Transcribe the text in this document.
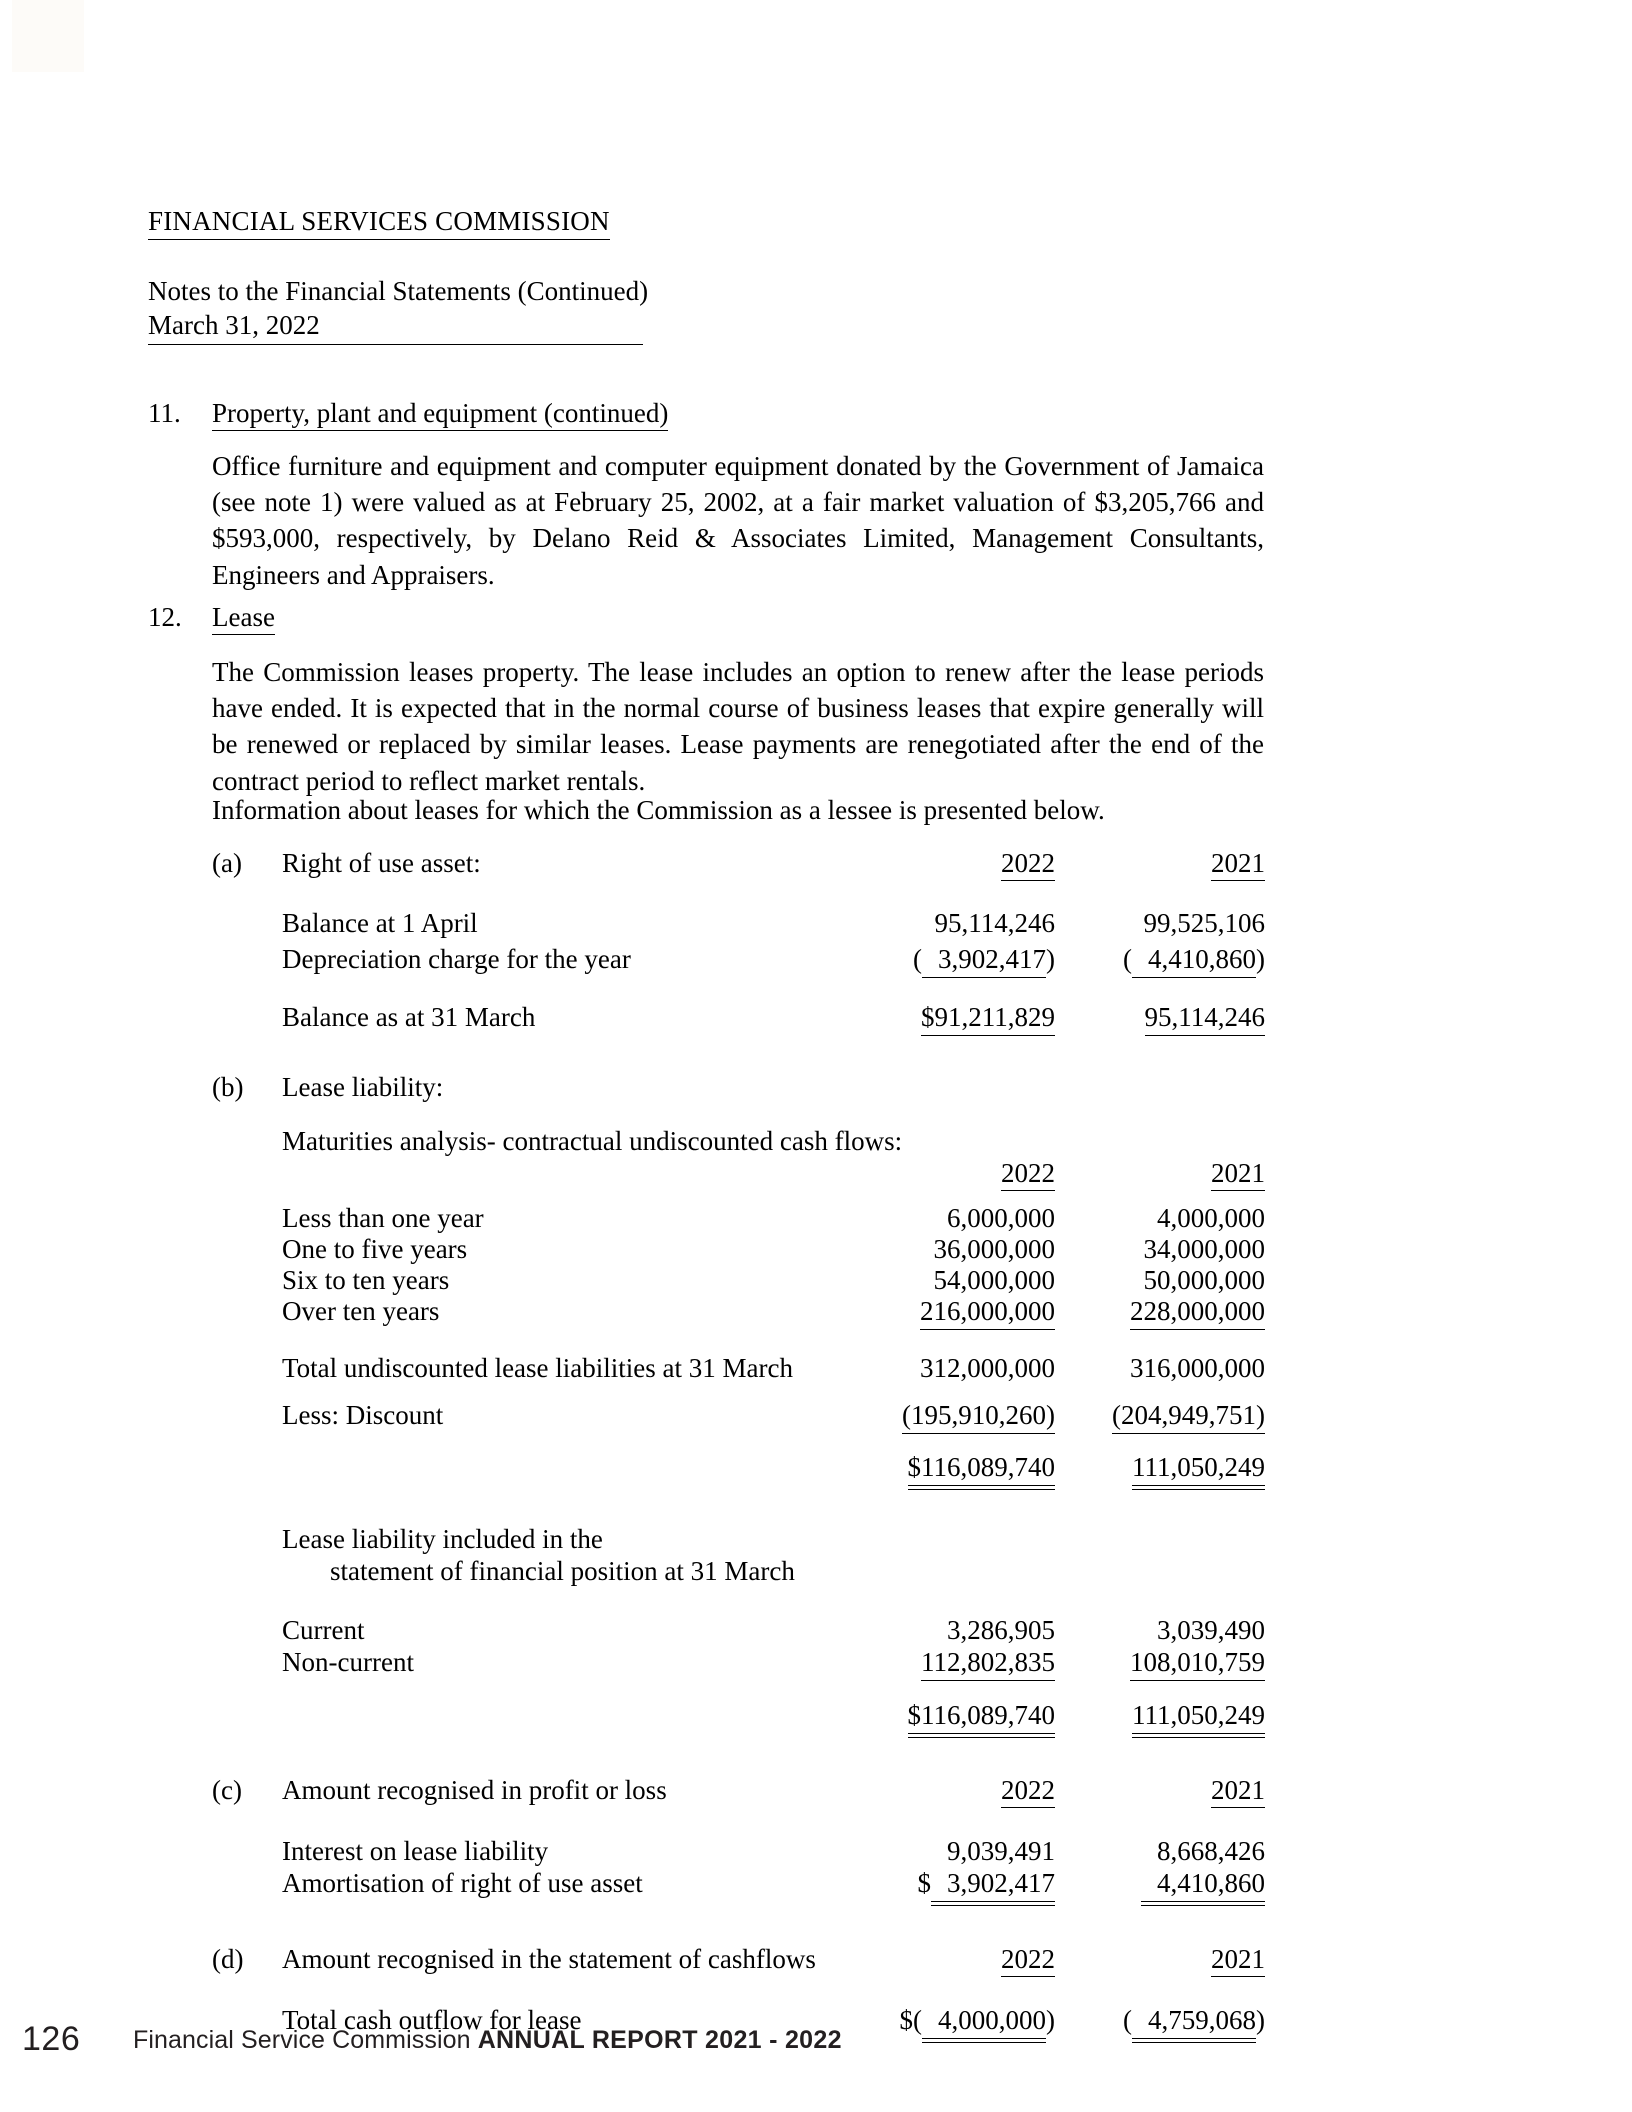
FINANCIAL SERVICES COMMISSION
Notes to the Financial Statements (Continued)
March 31, 2022
11. Property, plant and equipment (continued)
Office furniture and equipment and computer equipment donated by the Government of Jamaica (see note 1) were valued as at February 25, 2002, at a fair market valuation of $3,205,766 and $593,000, respectively, by Delano Reid & Associates Limited, Management Consultants, Engineers and Appraisers.
12. Lease
The Commission leases property. The lease includes an option to renew after the lease periods have ended. It is expected that in the normal course of business leases that expire generally will be renewed or replaced by similar leases. Lease payments are renegotiated after the end of the contract period to reflect market rentals.
Information about leases for which the Commission as a lessee is presented below.
(a) Right of use asset:	2022	2021
Balance at 1 April	95,114,246	99,525,106
Depreciation charge for the year	( 3,902,417)	( 4,410,860)
Balance as at 31 March	$91,211,829	95,114,246
(b) Lease liability:
Maturities analysis- contractual undiscounted cash flows:
2022	2021
Less than one year	6,000,000	4,000,000
One to five years	36,000,000	34,000,000
Six to ten years	54,000,000	50,000,000
Over ten years	216,000,000	228,000,000
Total undiscounted lease liabilities at 31 March	312,000,000	316,000,000
Less: Discount	(195,910,260)	(204,949,751)
$116,089,740	111,050,249
Lease liability included in the
statement of financial position at 31 March
Current	3,286,905	3,039,490
Non-current	112,802,835	108,010,759
$116,089,740	111,050,249
(c) Amount recognised in profit or loss	2022	2021
Interest on lease liability	9,039,491	8,668,426
Amortisation of right of use asset	$ 3,902,417	4,410,860
(d) Amount recognised in the statement of cashflows	2022	2021
Total cash outflow for lease	$( 4,000,000)	( 4,759,068)
126 Financial Service Commission ANNUAL REPORT 2021 - 2022
